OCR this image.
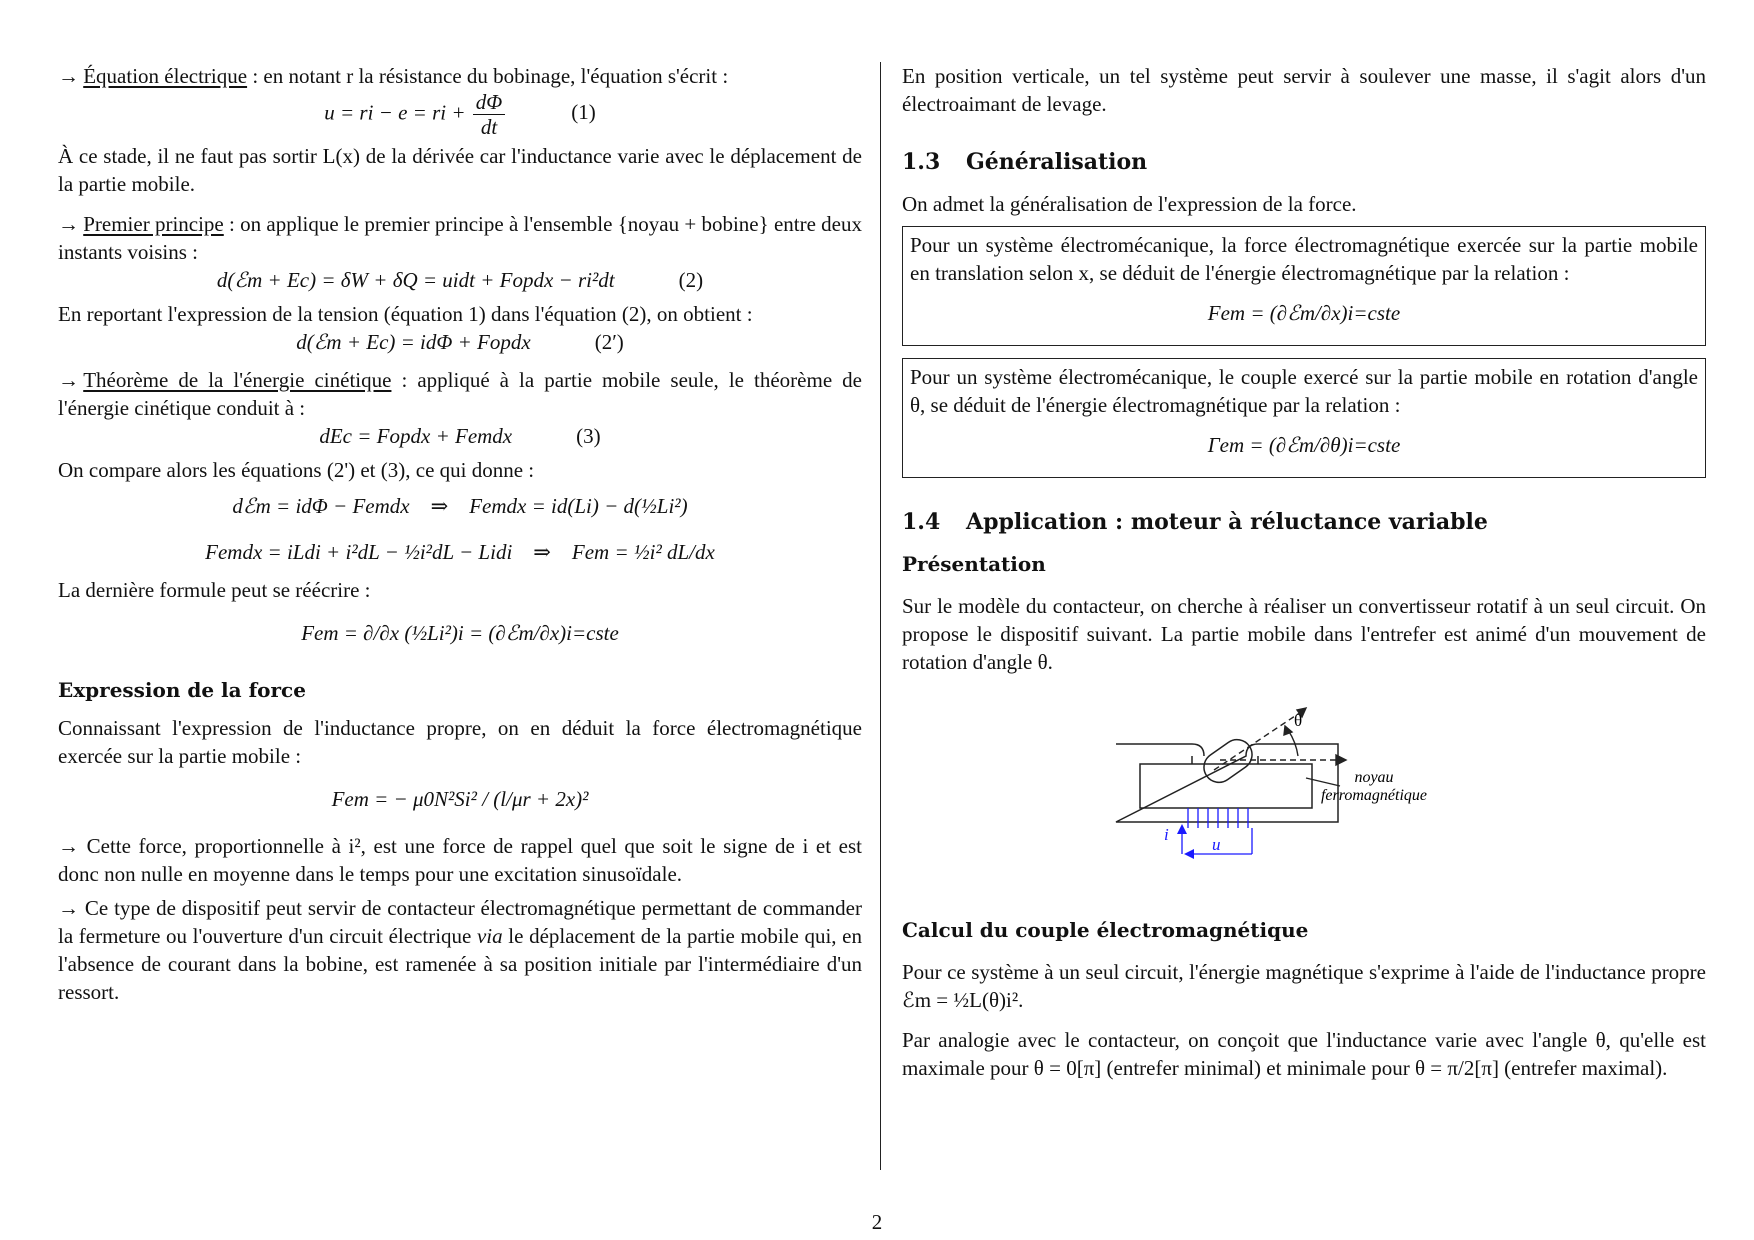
→  Équation électrique : en notant r la résistance du bobinage, l'équation s'écrit :

u = ri − e = ri + $\frac{d\Phi}{dt}$	(1)

À ce stade, il ne faut pas sortir L(x) de la dérivée car l'inductance varie avec le déplacement de la partie mobile.

→  Premier principe : on applique le premier principe à l'ensemble {noyau + bobine} entre deux instants voisins :

d(ℰm + Ec) = δW + δQ = uidt + Fopdx − ri²dt	(2)

En reportant l'expression de la tension (équation 1) dans l'équation (2), on obtient :

d(ℰm + Ec) = idΦ + Fopdx	(2′)

→  Théorème de la l'énergie cinétique : appliqué à la partie mobile seule, le théorème de l'énergie cinétique conduit à :

dEc = Fopdx + Femdx	(3)

On compare alors les équations (2') et (3), ce qui donne :

dℰm = idΦ − Femdx ⇒ Femdx = id(Li) − d(½Li²)
Femdx = iLdi + i²dL − ½i²dL − Lidi ⇒ Fem = ½i² dL/dx

La dernière formule peut se réécrire :

Fem = ∂/∂x (½Li²)i = (∂ℰm/∂x)i=cste
Expression de la force

Connaissant l'expression de l'inductance propre, on en déduit la force électromagnétique exercée sur la partie mobile :

Fem = − μ0N²Si² / (l/μr + 2x)²

→ Cette force, proportionnelle à i², est une force de rappel quel que soit le signe de i et est donc non nulle en moyenne dans le temps pour une excitation sinusoïdale.

→ Ce type de dispositif peut servir de contacteur électromagnétique permettant de commander la fermeture ou l'ouverture d'un circuit électrique via le déplacement de la partie mobile qui, en l'absence de courant dans la bobine, est ramenée à sa position initiale par l'intermédiaire d'un ressort.

En position verticale, un tel système peut servir à soulever une masse, il s'agit alors d'un électroaimant de levage.

1.3 Généralisation

On admet la généralisation de l'expression de la force.

Pour un système électromécanique, la force électromagnétique exercée sur la partie mobile en translation selon x, se déduit de l'énergie électromagnétique par la relation :

Fem = (∂ℰm/∂x)i=cste

Pour un système électromécanique, le couple exercé sur la partie mobile en rotation d'angle θ, se déduit de l'énergie électromagnétique par la relation :

Γem = (∂ℰm/∂θ)i=cste
1.4 Application : moteur à réluctance variable
Présentation

Sur le modèle du contacteur, on cherche à réaliser un convertisseur rotatif à un seul circuit. On propose le dispositif suivant. La partie mobile dans l'entrefer est animé d'un mouvement de rotation d'angle θ.

θ
noyau
ferromagnétique
i
u
Calcul du couple électromagnétique

Pour ce système à un seul circuit, l'énergie magnétique s'exprime à l'aide de l'inductance propre ℰm = ½L(θ)i².

Par analogie avec le contacteur, on conçoit que l'inductance varie avec l'angle θ, qu'elle est maximale pour θ = 0[π] (entrefer minimal) et minimale pour θ = π/2[π] (entrefer maximal).

2
